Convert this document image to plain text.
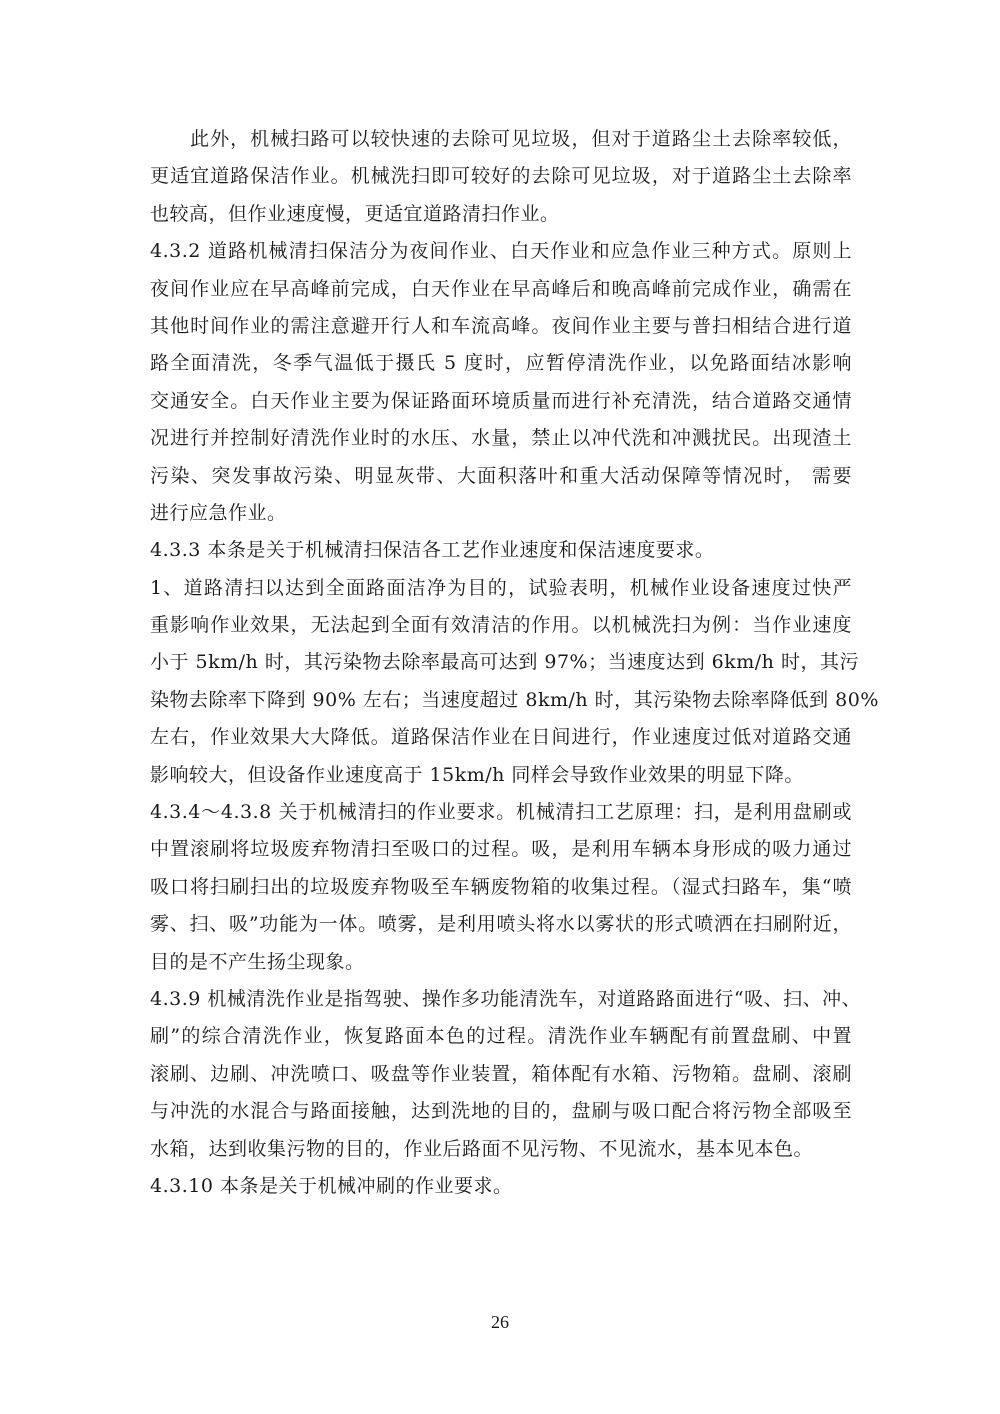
此外，机械扫路可以较快速的去除可见垃圾，但对于道路尘土去除率较低，
更适宜道路保洁作业。机械洗扫即可较好的去除可见垃圾，对于道路尘土去除率
也较高，但作业速度慢，更适宜道路清扫作业。
4.3.2 道路机械清扫保洁分为夜间作业、白天作业和应急作业三种方式。原则上
夜间作业应在早高峰前完成，白天作业在早高峰后和晚高峰前完成作业，确需在
其他时间作业的需注意避开行人和车流高峰。夜间作业主要与普扫相结合进行道
路全面清洗，冬季气温低于摄氏 5 度时，应暂停清洗作业，以免路面结冰影响
交通安全。白天作业主要为保证路面环境质量而进行补充清洗，结合道路交通情
况进行并控制好清洗作业时的水压、水量，禁止以冲代洗和冲溅扰民。出现渣土
污染、突发事故污染、明显灰带、大面积落叶和重大活动保障等情况时， 需要
进行应急作业。
4.3.3 本条是关于机械清扫保洁各工艺作业速度和保洁速度要求。
1、道路清扫以达到全面路面洁净为目的，试验表明，机械作业设备速度过快严
重影响作业效果，无法起到全面有效清洁的作用。以机械洗扫为例：当作业速度
小于 5km/h 时，其污染物去除率最高可达到 97%；当速度达到 6km/h 时，其污
染物去除率下降到 90% 左右；当速度超过 8km/h 时，其污染物去除率降低到 80%
左右，作业效果大大降低。道路保洁作业在日间进行，作业速度过低对道路交通
影响较大，但设备作业速度高于 15km/h 同样会导致作业效果的明显下降。
4.3.4～4.3.8 关于机械清扫的作业要求。机械清扫工艺原理：扫，是利用盘刷或
中置滚刷将垃圾废弃物清扫至吸口的过程。吸，是利用车辆本身形成的吸力通过
吸口将扫刷扫出的垃圾废弃物吸至车辆废物箱的收集过程。（湿式扫路车，集“喷
雾、扫、吸”功能为一体。喷雾，是利用喷头将水以雾状的形式喷洒在扫刷附近，
目的是不产生扬尘现象。
4.3.9 机械清洗作业是指驾驶、操作多功能清洗车，对道路路面进行“吸、扫、冲、
刷”的综合清洗作业，恢复路面本色的过程。清洗作业车辆配有前置盘刷、中置
滚刷、边刷、冲洗喷口、吸盘等作业装置，箱体配有水箱、污物箱。盘刷、滚刷
与冲洗的水混合与路面接触，达到洗地的目的，盘刷与吸口配合将污物全部吸至
水箱，达到收集污物的目的，作业后路面不见污物、不见流水，基本见本色。
4.3.10 本条是关于机械冲刷的作业要求。
26
